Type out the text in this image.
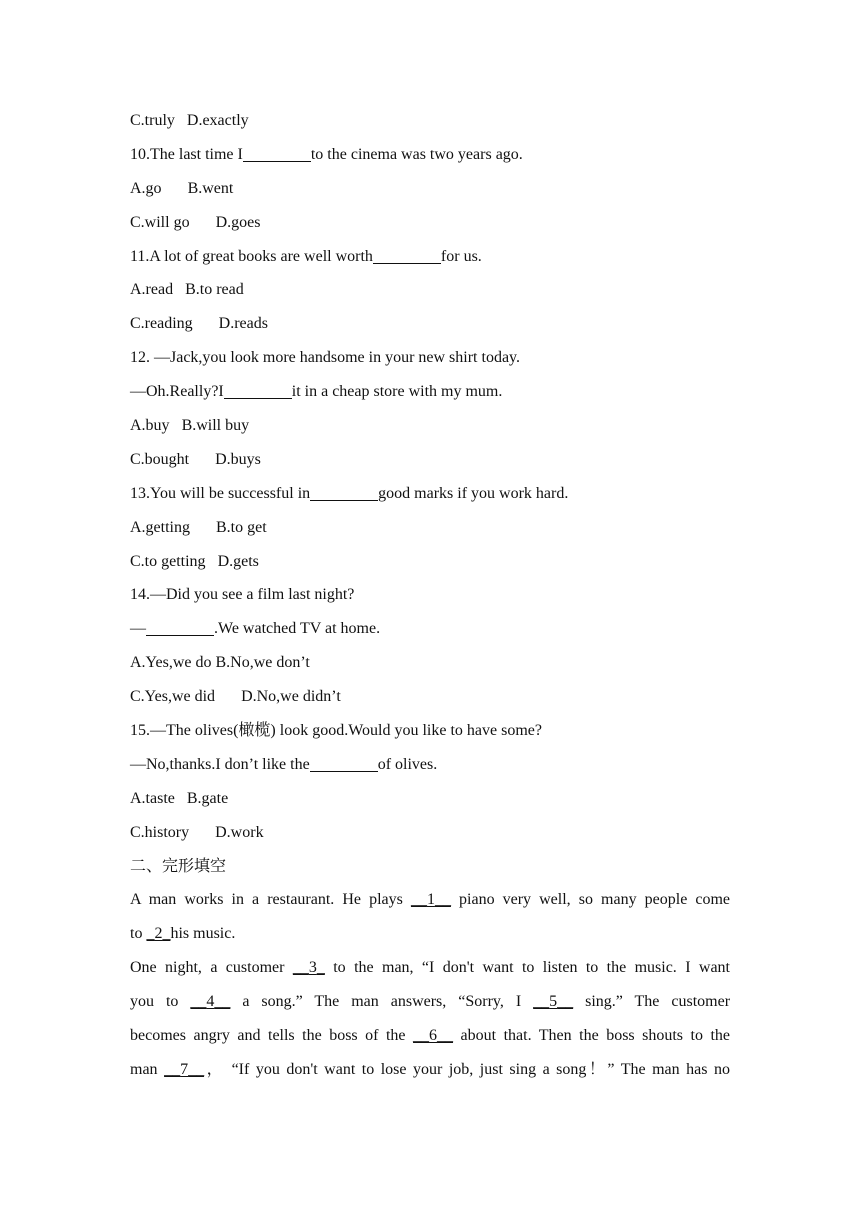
C.truly D.exactly
10.The last time I	to the cinema was two years ago.
A.go B.went
C.will go D.goes
11.A lot of great books are well worth	for us.
A.read B.to read
C.reading D.reads
12. —Jack,you look more handsome in your new shirt today.
—Oh.Really?I	it in a cheap store with my mum.
A.buy B.will buy
C.bought D.buys
13.You will be successful in	good marks if you work hard.
A.getting B.to get
C.to getting D.gets
14.—Did you see a film last night?
—	.We watched TV at home.
A.Yes,we do B.No,we don’t
C.Yes,we did D.No,we didn’t
15.—The olives(橄榄) look good.Would you like to have some?
—No,thanks.I don’t like the	of olives.
A.taste B.gate
C.history D.work
二、完形填空
A man works in a restaurant. He plays __1__ piano very well, so many people come
to _2_his music.
One night, a customer __3_ to the man, “I don't want to listen to the music. I want
you to __4__ a song.” The man answers, “Sorry, I __5__ sing.” The customer
becomes angry and tells the boss of the __6__ about that. Then the boss shouts to the
man __7__， “If you don't want to lose your job, just sing a song！” The man has no
